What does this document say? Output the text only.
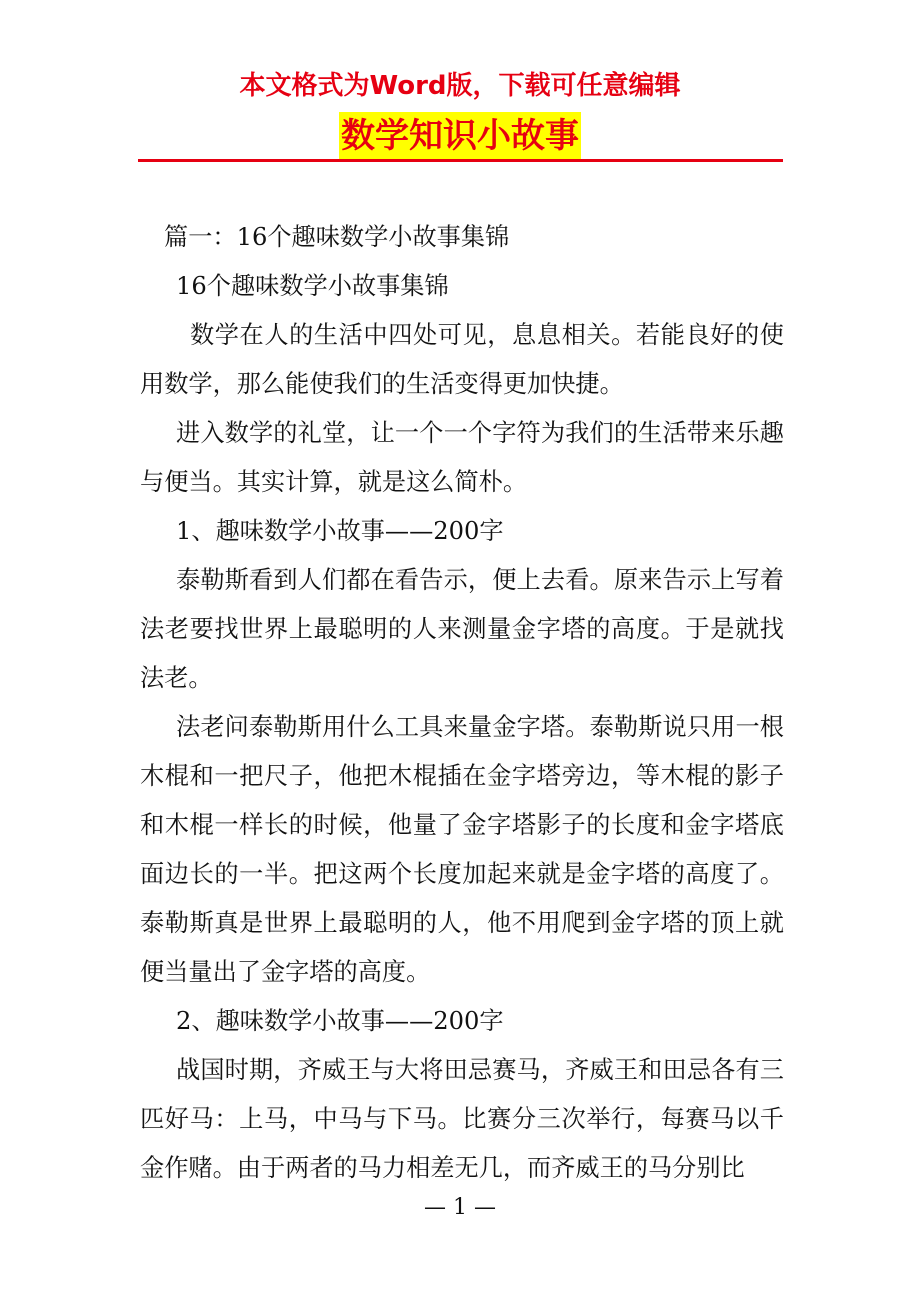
本文格式为Word版，下载可任意编辑

数学知识小故事

篇一：16个趣味数学小故事集锦

16个趣味数学小故事集锦

数学在人的生活中四处可见，息息相关。若能良好的使用数学，那么能使我们的生活变得更加快捷。

进入数学的礼堂，让一个一个字符为我们的生活带来乐趣与便当。其实计算，就是这么简朴。

1、趣味数学小故事——200字

泰勒斯看到人们都在看告示，便上去看。原来告示上写着法老要找世界上最聪明的人来测量金字塔的高度。于是就找法老。

法老问泰勒斯用什么工具来量金字塔。泰勒斯说只用一根木棍和一把尺子，他把木棍插在金字塔旁边，等木棍的影子和木棍一样长的时候，他量了金字塔影子的长度和金字塔底面边长的一半。把这两个长度加起来就是金字塔的高度了。泰勒斯真是世界上最聪明的人，他不用爬到金字塔的顶上就便当量出了金字塔的高度。

2、趣味数学小故事——200字

战国时期，齐威王与大将田忌赛马，齐威王和田忌各有三匹好马：上马，中马与下马。比赛分三次举行，每赛马以千金作赌。由于两者的马力相差无几，而齐威王的马分别比

— 1 —
